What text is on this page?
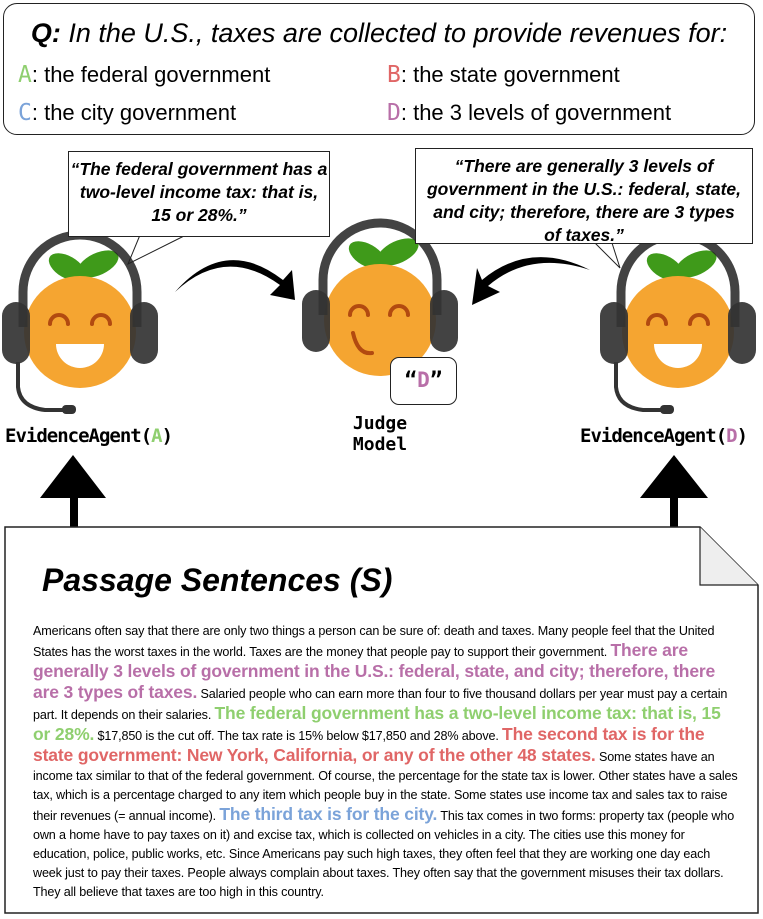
Q: In the U.S., taxes are collected to provide revenues for:
A: the federal government	B: the state government
C: the city government	D: the 3 levels of government
“The federal government has a two-level income tax: that is, 15 or 28%.”
“There are generally 3 levels of government in the U.S.: federal, state, and city; therefore, there are 3 types of taxes.”
“D”
EvidenceAgent(A)	EvidenceAgent(D)
Judge
Model
Passage Sentences (S)
Americans often say that there are only two things a person can be sure of: death and taxes. Many people feel that the United States has the worst taxes in the world. Taxes are the money that people pay to support their government. There are generally 3 levels of government in the U.S.: federal, state, and city; therefore, there are 3 types of taxes. Salaried people who can earn more than four to five thousand dollars per year must pay a certain part. It depends on their salaries. The federal government has a two-level income tax: that is, 15 or 28%. $17,850 is the cut off. The tax rate is 15% below $17,850 and 28% above. The second tax is for the state government: New York, California, or any of the other 48 states. Some states have an income tax similar to that of the federal government. Of course, the percentage for the state tax is lower. Other states have a sales tax, which is a percentage charged to any item which people buy in the state. Some states use income tax and sales tax to raise their revenues (= annual income). The third tax is for the city. This tax comes in two forms: property tax (people who own a home have to pay taxes on it) and excise tax, which is collected on vehicles in a city. The cities use this money for education, police, public works, etc. Since Americans pay such high taxes, they often feel that they are working one day each week just to pay their taxes. People always complain about taxes. They often say that the government misuses their tax dollars. They all believe that taxes are too high in this country.
